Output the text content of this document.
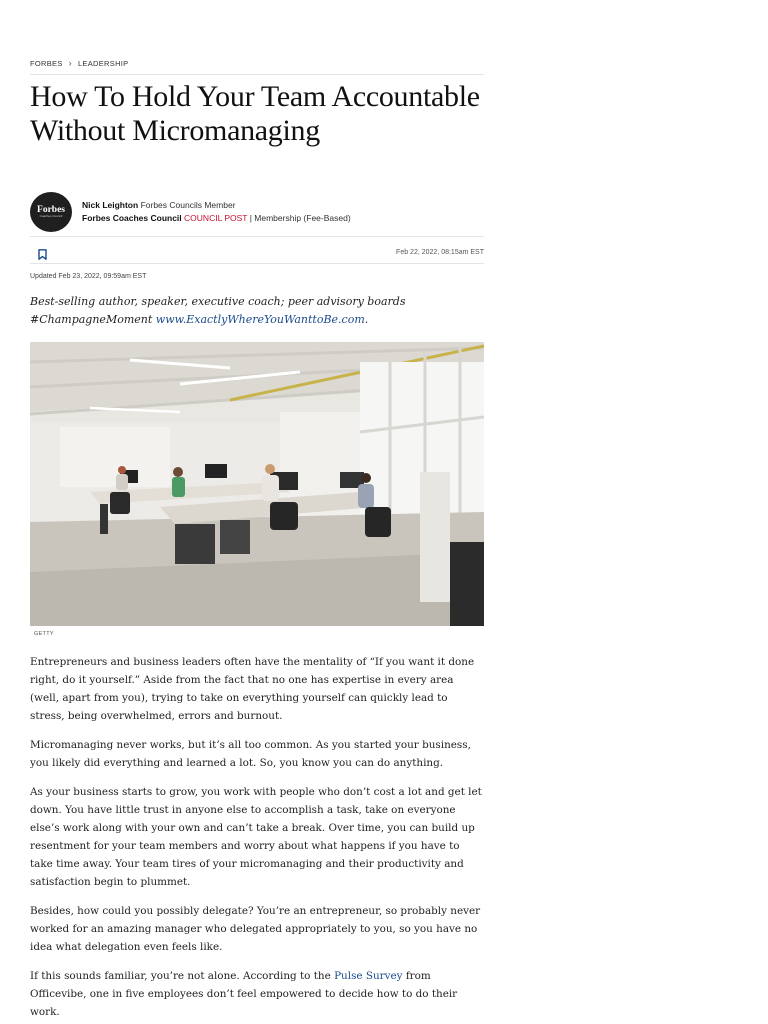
FORBES › LEADERSHIP
How To Hold Your Team Accountable Without Micromanaging
Forbes
Coaches Council
Nick Leighton Forbes Councils Member
Forbes Coaches Council COUNCIL POST | Membership (Fee-Based)
Feb 22, 2022, 08:15am EST
Updated Feb 23, 2022, 09:59am EST

Best-selling author, speaker, executive coach; peer advisory boards #ChampagneMoment www.ExactlyWhereYouWanttoBe.com.

GETTY

Entrepreneurs and business leaders often have the mentality of “If you want it done right, do it yourself.” Aside from the fact that no one has expertise in every area (well, apart from you), trying to take on everything yourself can quickly lead to stress, being overwhelmed, errors and burnout.

Micromanaging never works, but it’s all too common. As you started your business, you likely did everything and learned a lot. So, you know you can do anything.

As your business starts to grow, you work with people who don’t cost a lot and get let down. You have little trust in anyone else to accomplish a task, take on everyone else’s work along with your own and can’t take a break. Over time, you can build up resentment for your team members and worry about what happens if you have to take time away. Your team tires of your micromanaging and their productivity and satisfaction begin to plummet.

Besides, how could you possibly delegate? You’re an entrepreneur, so probably never worked for an amazing manager who delegated appropriately to you, so you have no idea what delegation even feels like.

If this sounds familiar, you’re not alone. According to the Pulse Survey from Officevibe, one in five employees don’t feel empowered to decide how to do their work.
